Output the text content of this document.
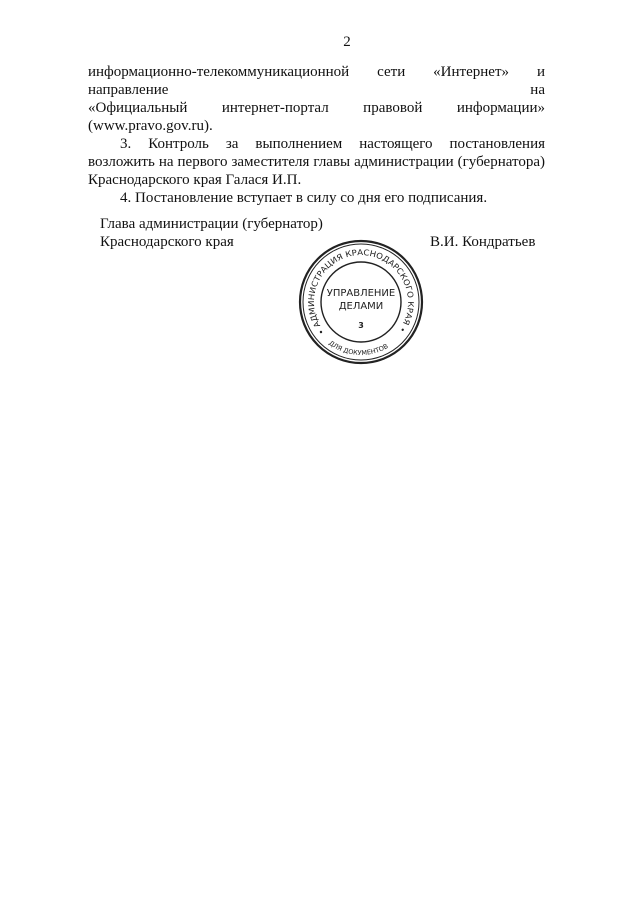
2

информационно-телекоммуникационной сети «Интернет» и направление на

«Официальный интернет-портал правовой информации» (www.pravo.gov.ru).

3. Контроль за выполнением настоящего постановления возложить на первого заместителя главы администрации (губернатора) Краснодарского края Галася И.П.

4. Постановление вступает в силу со дня его подписания.

Глава администрации (губернатор)
Краснодарского края	В.И. Кондратьев
• АДМИНИСТРАЦИЯ КРАСНОДАРСКОГО КРАЯ •
ДЛЯ ДОКУМЕНТОВ
УПРАВЛЕНИЕ
ДЕЛАМИ
3
